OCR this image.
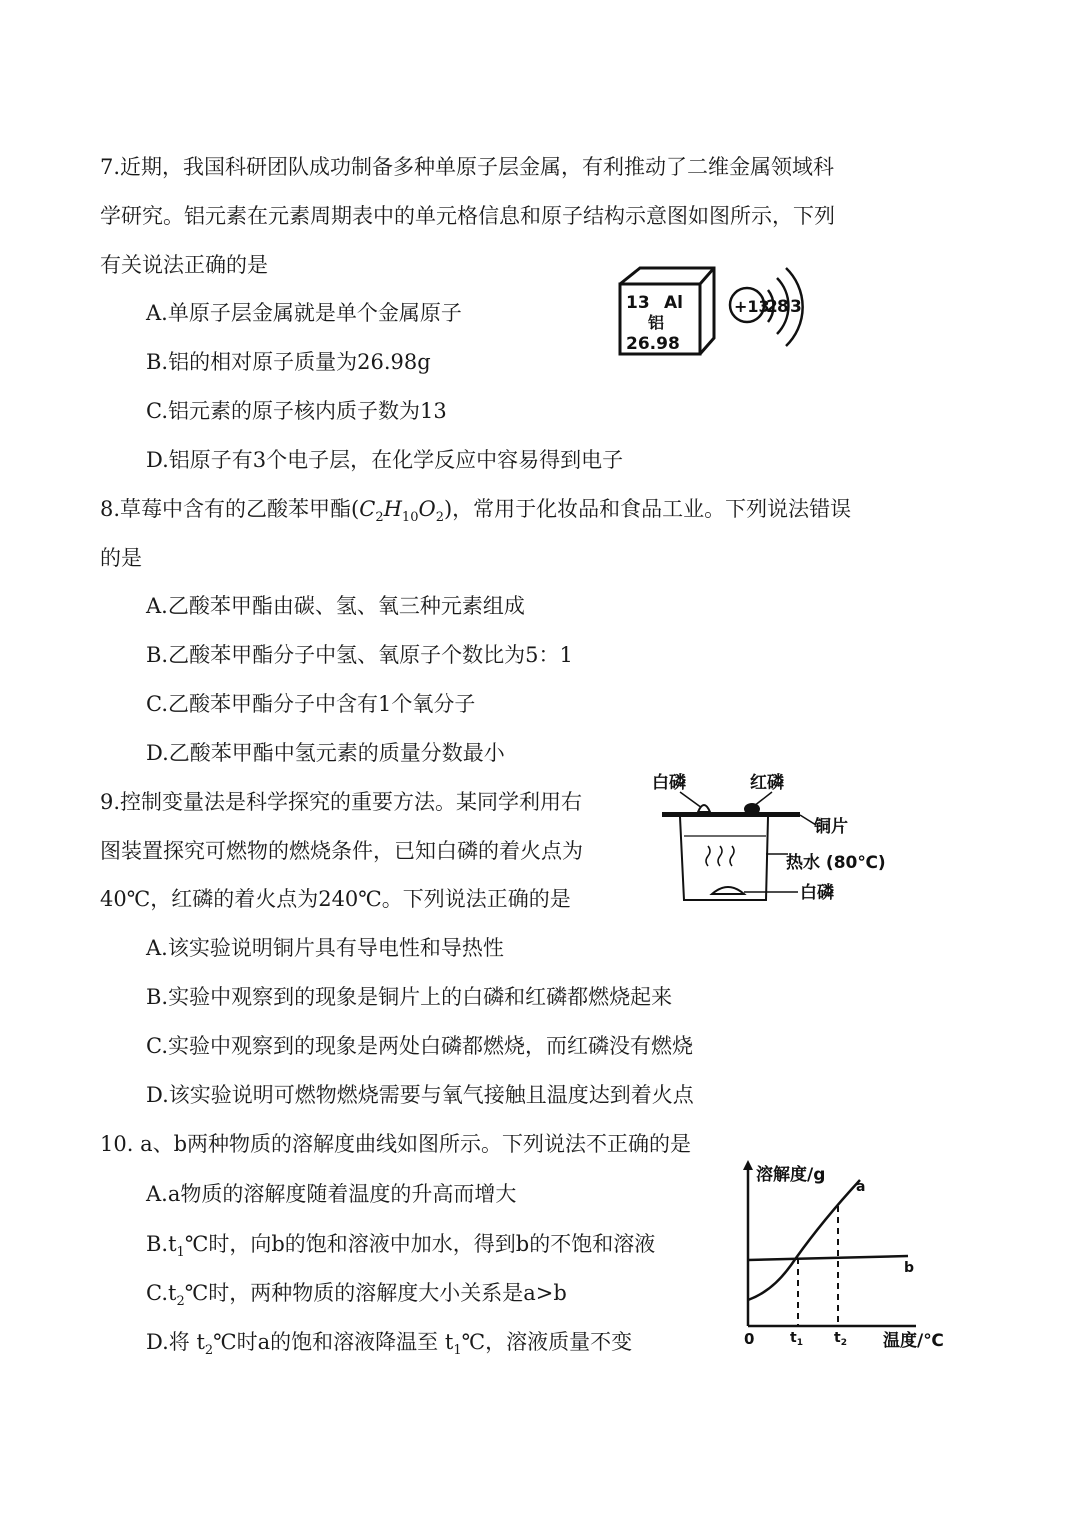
7.近期，我国科研团队成功制备多种单原子层金属，有利推动了二维金属领域科
学研究。铝元素在元素周期表中的单元格信息和原子结构示意图如图所示，下列
有关说法正确的是
A.单原子层金属就是单个金属原子
B.铝的相对原子质量为26.98g
C.铝元素的原子核内质子数为13
D.铝原子有3个电子层，在化学反应中容易得到电子
13 Al
铝
26.98
+13
2 8 3
8.草莓中含有的乙酸苯甲酯$(C_2H_{10}O_2)$，常用于化妆品和食品工业。下列说法错误
的是
A.乙酸苯甲酯由碳、氢、氧三种元素组成
B.乙酸苯甲酯分子中氢、氧原子个数比为5：1
C.乙酸苯甲酯分子中含有1个氧分子
D.乙酸苯甲酯中氢元素的质量分数最小
9.控制变量法是科学探究的重要方法。某同学利用右
图装置探究可燃物的燃烧条件，已知白磷的着火点为
40℃，红磷的着火点为240℃。下列说法正确的是
A.该实验说明铜片具有导电性和导热性
B.实验中观察到的现象是铜片上的白磷和红磷都燃烧起来
C.实验中观察到的现象是两处白磷都燃烧，而红磷没有燃烧
D.该实验说明可燃物燃烧需要与氧气接触且温度达到着火点
白磷	红磷
铜片
热水 (80℃)
白磷
10. a、b两种物质的溶解度曲线如图所示。下列说法不正确的是
A.a物质的溶解度随着温度的升高而增大
$B.t_1℃$时，向b的饱和溶液中加水，得到b的不饱和溶液
$C.t_2℃$时，两种物质的溶解度大小关系是a>b
D.将 $t_2℃$时a的饱和溶液降温至 $t_1℃$，溶液质量不变
溶解度/g
温度/℃
0	$t_1$ $t_2$
a
b
